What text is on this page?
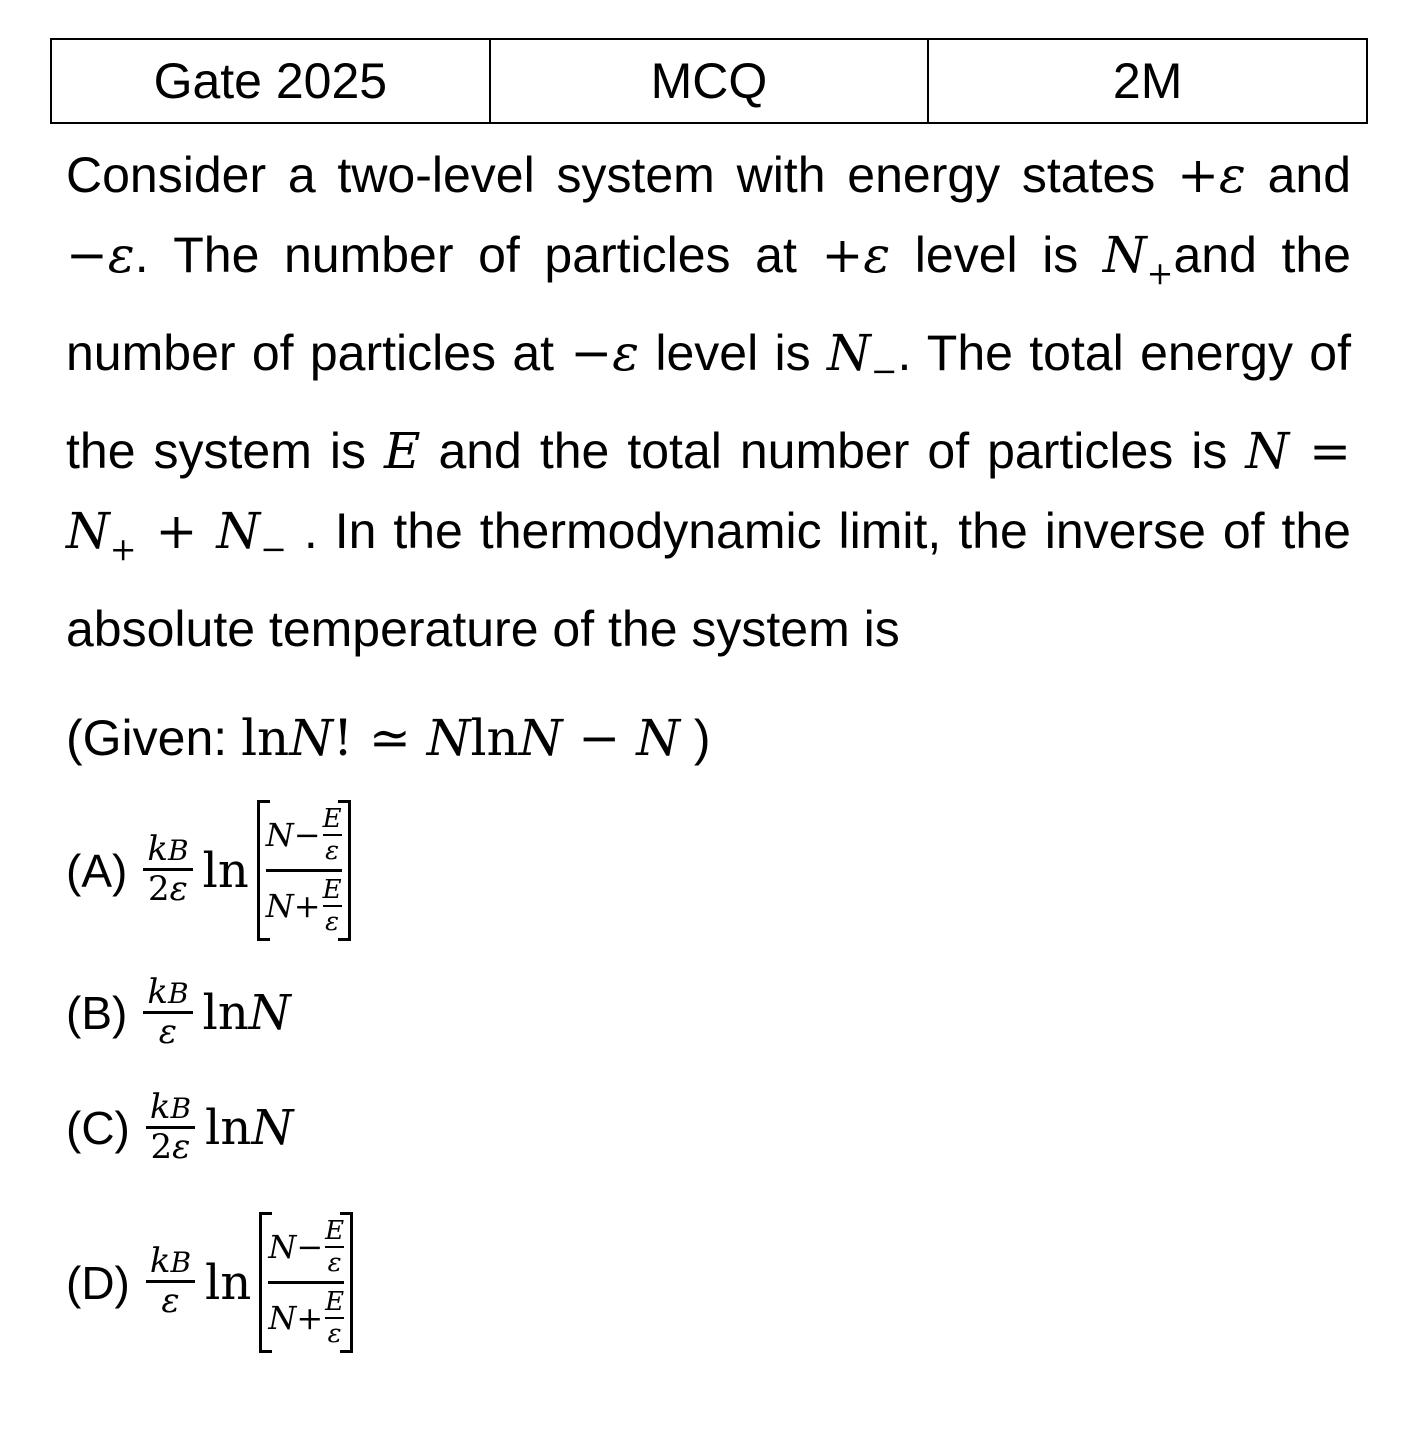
Gate 2025	MCQ	2M
Consider a two-level system with energy states +ε and −ε. The number of particles at +ε level is $N_+and$ the number of particles at −ε level is $N_-$. The total energy of the system is E and the total number of particles is $N = N_+ + N_-$ . In the thermodynamic limit, the inverse of the absolute temperature of the system is
(Given: lnN! ≃ NlnN − N )
$(A) \frac{kB}{2\varepsilon}$ $\ln \frac{N- \frac{E}{\varepsilon}}{N+ \frac{E}{\varepsilon}}$
$(B) \frac{kB}{\varepsilon}$ lnN
$(C) \frac{kB}{2\varepsilon}$ lnN
$(D) \frac{kB}{\varepsilon}$ $\ln \frac{N- \frac{E}{\varepsilon}}{N+ \frac{E}{\varepsilon}}$
